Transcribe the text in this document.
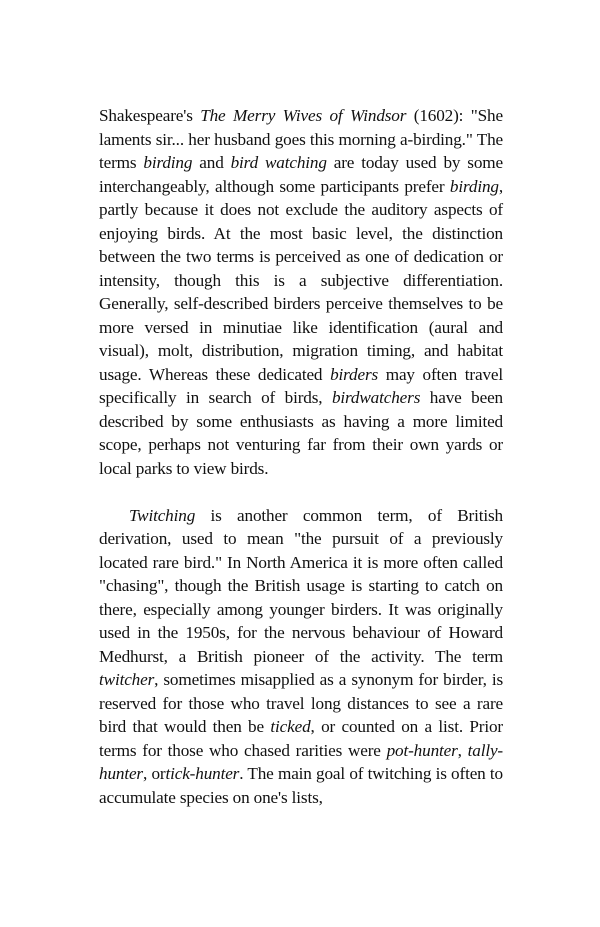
Shakespeare's The Merry Wives of Windsor (1602): "She laments sir... her husband goes this morning a-birding." The terms birding and bird watching are today used by some interchangeably, although some participants prefer birding, partly because it does not exclude the auditory aspects of enjoying birds. At the most basic level, the distinction between the two terms is perceived as one of dedication or intensity, though this is a subjective differentiation. Generally, self-described birders perceive themselves to be more versed in minutiae like identification (aural and visual), molt, distribution, migration timing, and habitat usage. Whereas these dedicated birders may often travel specifically in search of birds, birdwatchers have been described by some enthusiasts as having a more limited scope, perhaps not venturing far from their own yards or local parks to view birds.

Twitching is another common term, of British derivation, used to mean "the pursuit of a previously located rare bird." In North America it is more often called "chasing", though the British usage is starting to catch on there, especially among younger birders. It was originally used in the 1950s, for the nervous behaviour of Howard Medhurst, a British pioneer of the activity. The term twitcher, sometimes misapplied as a synonym for birder, is reserved for those who travel long distances to see a rare bird that would then be ticked, or counted on a list. Prior terms for those who chased rarities were pot-hunter, tally-hunter, ortick-hunter. The main goal of twitching is often to accumulate species on one's lists,
